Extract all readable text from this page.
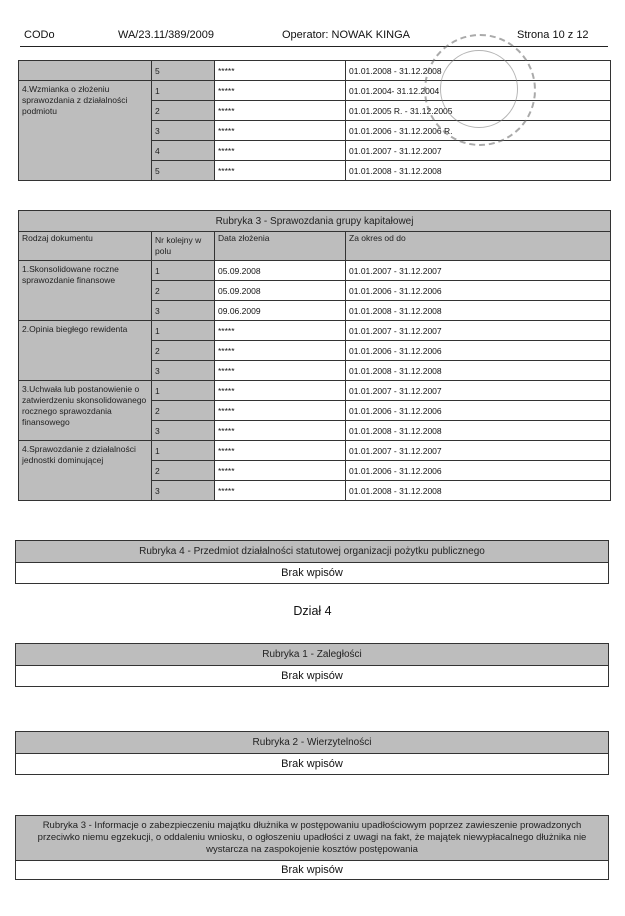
CODo	WA/23.11/389/2009	Operator: NOWAK KINGA	Strona 10 z 12
	5	*****	01.01.2008 - 31.12.2008
4.Wzmianka o złożeniu sprawozdania z działalności podmiotu	1	*****	01.01.2004- 31.12.2004
	2	*****	01.01.2005 R. - 31.12.2005
	3	*****	01.01.2006 - 31.12.2006 R.
	4	*****	01.01.2007 - 31.12.2007
	5	*****	01.01.2008 - 31.12.2008
Rubryka 3 - Sprawozdania grupy kapitałowej			
Rodzaj dokumentu	Nr kolejny w polu	Data złożenia	Za okres od do
1.Skonsolidowane roczne sprawozdanie finansowe	1	05.09.2008	01.01.2007 - 31.12.2007
	2	05.09.2008	01.01.2006 - 31.12.2006
	3	09.06.2009	01.01.2008 - 31.12.2008
2.Opinia biegłego rewidenta	1	*****	01.01.2007 - 31.12.2007
	2	*****	01.01.2006 - 31.12.2006
	3	*****	01.01.2008 - 31.12.2008
3.Uchwała lub postanowienie o zatwierdzeniu skonsolidowanego rocznego sprawozdania finansowego	1	*****	01.01.2007 - 31.12.2007
	2	*****	01.01.2006 - 31.12.2006
	3	*****	01.01.2008 - 31.12.2008
4.Sprawozdanie z działalności jednostki dominującej	1	*****	01.01.2007 - 31.12.2007
	2	*****	01.01.2006 - 31.12.2006
	3	*****	01.01.2008 - 31.12.2008
Rubryka 4 - Przedmiot działalności statutowej organizacji pożytku publicznego
Brak wpisów
Dział 4
Rubryka 1 - Zaległości
Brak wpisów
Rubryka 2 - Wierzytelności
Brak wpisów
Rubryka 3 - Informacje o zabezpieczeniu majątku dłużnika w postępowaniu upadłościowym poprzez zawieszenie prowadzonych przeciwko niemu egzekucji, o oddaleniu wniosku, o ogłoszeniu upadłości z uwagi na fakt, że majątek niewypłacalnego dłużnika nie wystarcza na zaspokojenie kosztów postępowania
Brak wpisów
